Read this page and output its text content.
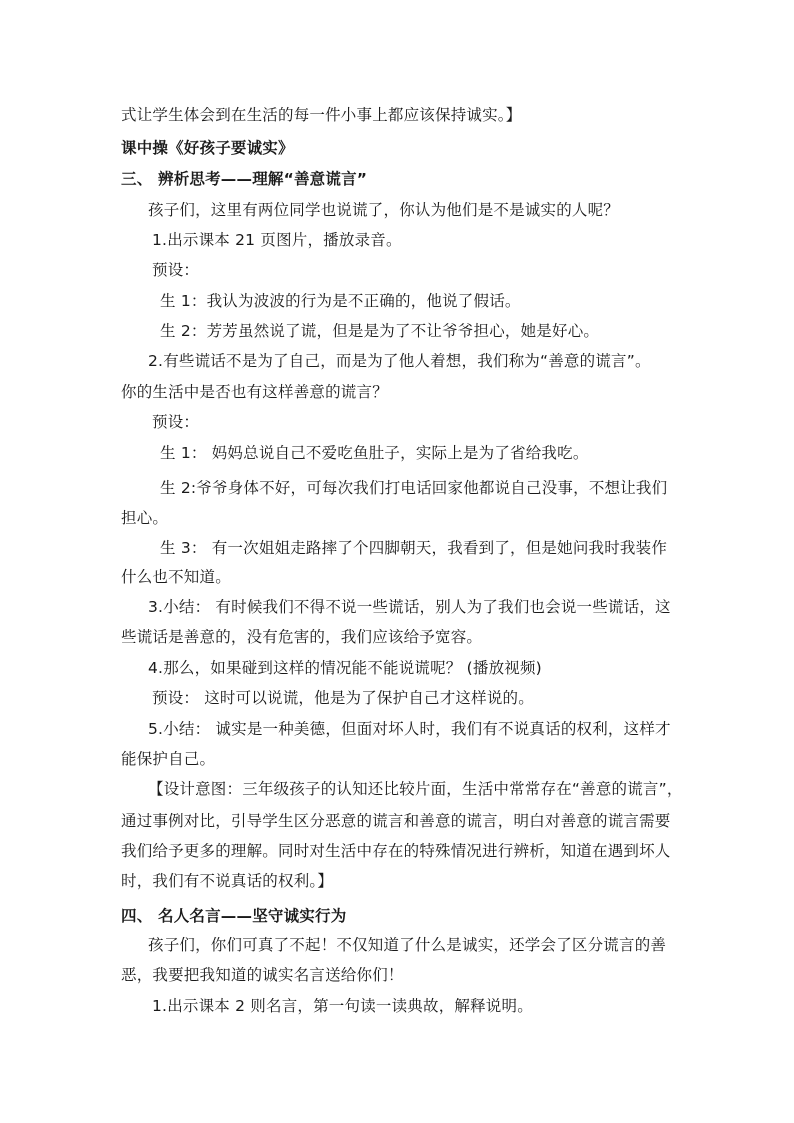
式让学生体会到在生活的每一件小事上都应该保持诚实。】
课中操《好孩子要诚实》
三、 辨析思考——理解“善意谎言”
孩子们，这里有两位同学也说谎了，你认为他们是不是诚实的人呢？
1.出示课本 21 页图片，播放录音。
预设：
生 1：我认为波波的行为是不正确的，他说了假话。
生 2：芳芳虽然说了谎，但是是为了不让爷爷担心，她是好心。
2.有些谎话不是为了自己，而是为了他人着想，我们称为“善意的谎言”。
你的生活中是否也有这样善意的谎言？
预设：
生 1： 妈妈总说自己不爱吃鱼肚子，实际上是为了省给我吃。
生 2:爷爷身体不好，可每次我们打电话回家他都说自己没事，不想让我们
担心。
生 3： 有一次姐姐走路摔了个四脚朝天，我看到了，但是她问我时我装作
什么也不知道。
3.小结： 有时候我们不得不说一些谎话，别人为了我们也会说一些谎话，这
些谎话是善意的，没有危害的，我们应该给予宽容。
4.那么，如果碰到这样的情况能不能说谎呢？ (播放视频)
预设： 这时可以说谎，他是为了保护自己才这样说的。
5.小结： 诚实是一种美德，但面对坏人时，我们有不说真话的权利，这样才
能保护自己。
【设计意图：三年级孩子的认知还比较片面，生活中常常存在“善意的谎言”，
通过事例对比，引导学生区分恶意的谎言和善意的谎言，明白对善意的谎言需要
我们给予更多的理解。同时对生活中存在的特殊情况进行辨析，知道在遇到坏人
时，我们有不说真话的权利。】
四、 名人名言——坚守诚实行为
孩子们，你们可真了不起！不仅知道了什么是诚实，还学会了区分谎言的善
恶，我要把我知道的诚实名言送给你们！
1.出示课本 2 则名言，第一句读一读典故，解释说明。
